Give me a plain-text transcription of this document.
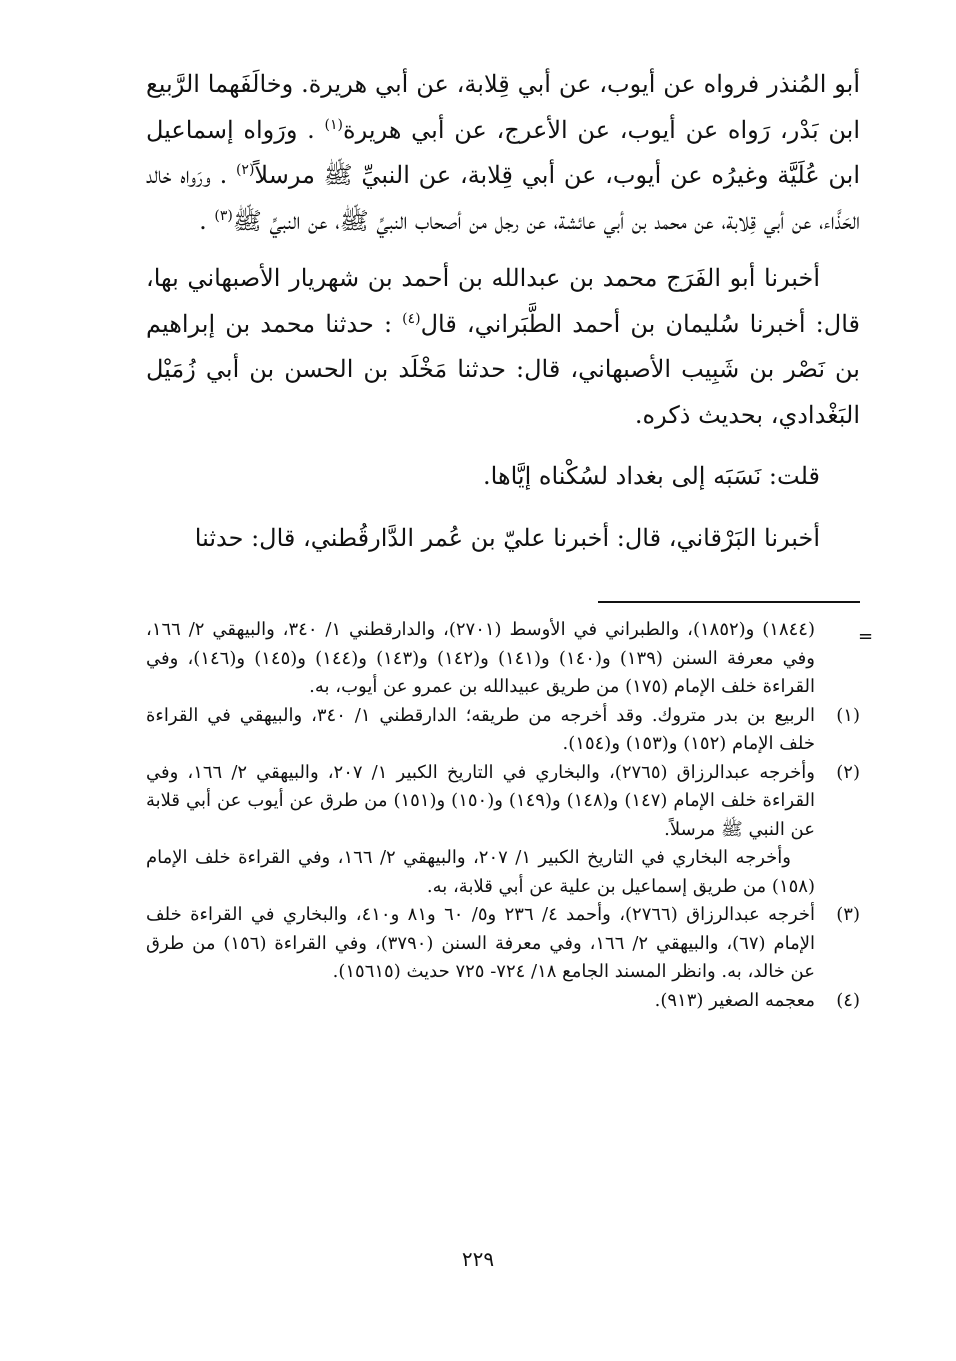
أبو المُنذر فرواه عن أيوب، عن أبي قِلابة، عن أبي هريرة. وخالَفَهما الرَّبيع ابن بَدْر، رَواه عن أيوب، عن الأعرج، عن أبي هريرة$^{(١)}$ . ورَواه إسماعيل ابن عُلَيَّة وغيرُه عن أيوب، عن أبي قِلابة، عن النبيِّ ﷺ مرسلاً$^{(٢)}$ . ورَواه خالد الحَذَّاء، عن أبي قِلابة، عن محمد بن أبي عائشة، عن رجل من أصحاب النبيِّ ﷺ، عن النبيِّ ﷺ$^{(٣)}$ .

أخبرنا أبو الفَرَج محمد بن عبدالله بن أحمد بن شهريار الأصبهاني بها، قال: أخبرنا سُليمان بن أحمد الطَّبَراني، قال$^{(٤)}$ : حدثنا محمد بن إبراهيم بن نَصْر بن شَبِيب الأصبهاني، قال: حدثنا مَخْلَد بن الحسن بن أبي زُمَيْل البَغْدادي، بحديث ذكره.

قلت: نَسَبَه إلى بغداد لسُكْناه إيَّاها.

أخبرنا البَرْقاني، قال: أخبرنا عليّ بن عُمر الدَّارقُطني، قال: حدثنا

=

(١٨٤٤) و(١٨٥٢)، والطبراني في الأوسط (٢٧٠١)، والدارقطني ١/ ٣٤٠، والبيهقي ٢/ ١٦٦، وفي معرفة السنن (١٣٩) و(١٤٠) و(١٤١) و(١٤٢) و(١٤٣) و(١٤٤) و(١٤٥) و(١٤٦)، وفي القراءة خلف الإمام (١٧٥) من طريق عبيدالله بن عمرو عن أيوب، به.

(١)

الربيع بن بدر متروك. وقد أخرجه من طريقه؛ الدارقطني ١/ ٣٤٠، والبيهقي في القراءة خلف الإمام (١٥٢) و(١٥٣) و(١٥٤).

(٢)

وأخرجه عبدالرزاق (٢٧٦٥)، والبخاري في التاريخ الكبير ١/ ٢٠٧، والبيهقي ٢/ ١٦٦، وفي القراءة خلف الإمام (١٤٧) و(١٤٨) و(١٤٩) و(١٥٠) و(١٥١) من طرق عن أيوب عن أبي قلابة عن النبي ﷺ مرسلاً.

وأخرجه البخاري في التاريخ الكبير ١/ ٢٠٧، والبيهقي ٢/ ١٦٦، وفي القراءة خلف الإمام (١٥٨) من طريق إسماعيل بن علية عن أبي قلابة، به.

(٣)

أخرجه عبدالرزاق (٢٧٦٦)، وأحمد ٤/ ٢٣٦ و٥/ ٦٠ و٨١ و٤١٠، والبخاري في القراءة خلف الإمام (٦٧)، والبيهقي ٢/ ١٦٦، وفي معرفة السنن (٣٧٩٠)، وفي القراءة (١٥٦) من طرق عن خالد، به. وانظر المسند الجامع ١٨/ ٧٢٤- ٧٢٥ حديث (١٥٦١٥).

(٤)

معجمه الصغير (٩١٣).

٢٢٩
